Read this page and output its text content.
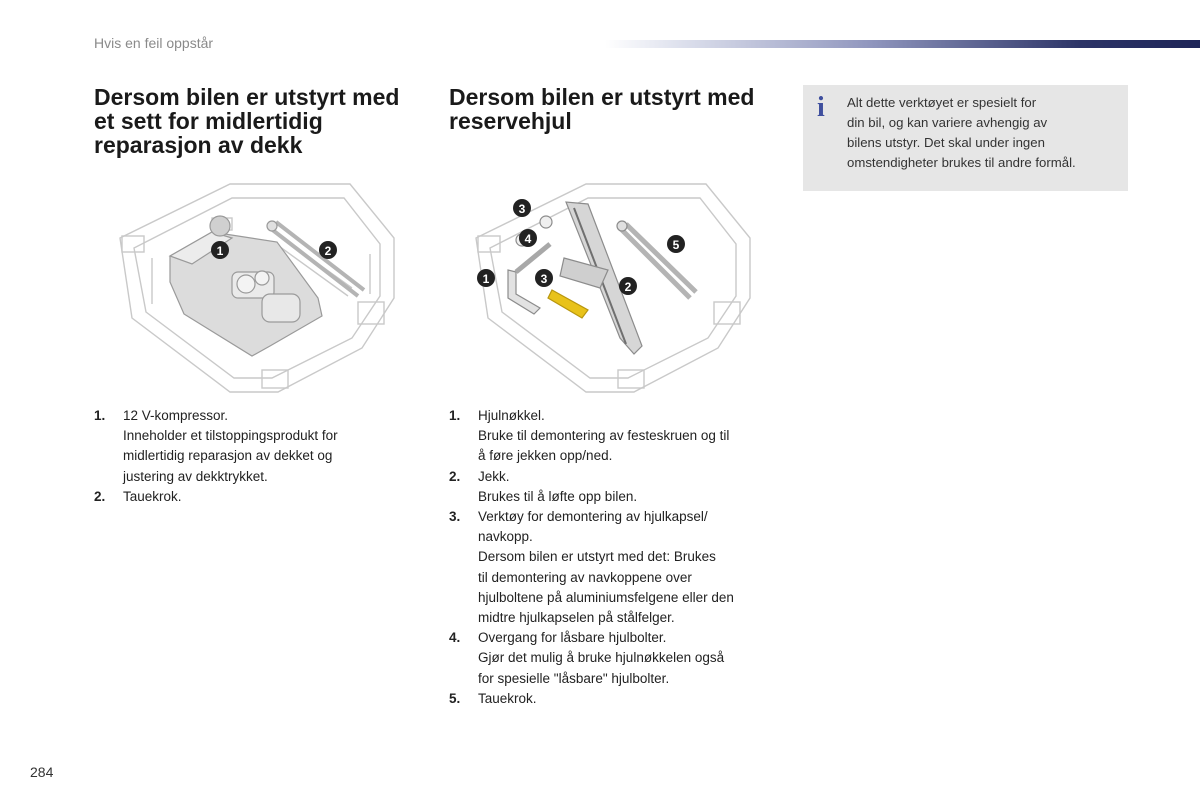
Hvis en feil oppstår
Dersom bilen er utstyrt med et sett for midlertidig reparasjon av dekk
Dersom bilen er utstyrt med reservehjul	i Alt dette verktøyet er spesielt for
din bil, og kan variere avhengig av
bilens utstyr. Det skal under ingen
omstendigheter brukes til andre formål.
1	2
3
4
1	3
2
5
1. 12 V-kompressor.
Inneholder et tilstoppingsprodukt for
midlertidig reparasjon av dekket og
justering av dekktrykket.
2. Tauekrok.
1. Hjulnøkkel.
Bruke til demontering av festeskruen og til
å føre jekken opp/ned.
2. Jekk.
Brukes til å løfte opp bilen.
3. Verktøy for demontering av hjulkapsel/
navkopp.
Dersom bilen er utstyrt med det: Brukes
til demontering av navkoppene over
hjulboltene på aluminiumsfelgene eller den
midtre hjulkapselen på stålfelger.
4. Overgang for låsbare hjulbolter.
Gjør det mulig å bruke hjulnøkkelen også
for spesielle "låsbare" hjulbolter.
5. Tauekrok.
284
